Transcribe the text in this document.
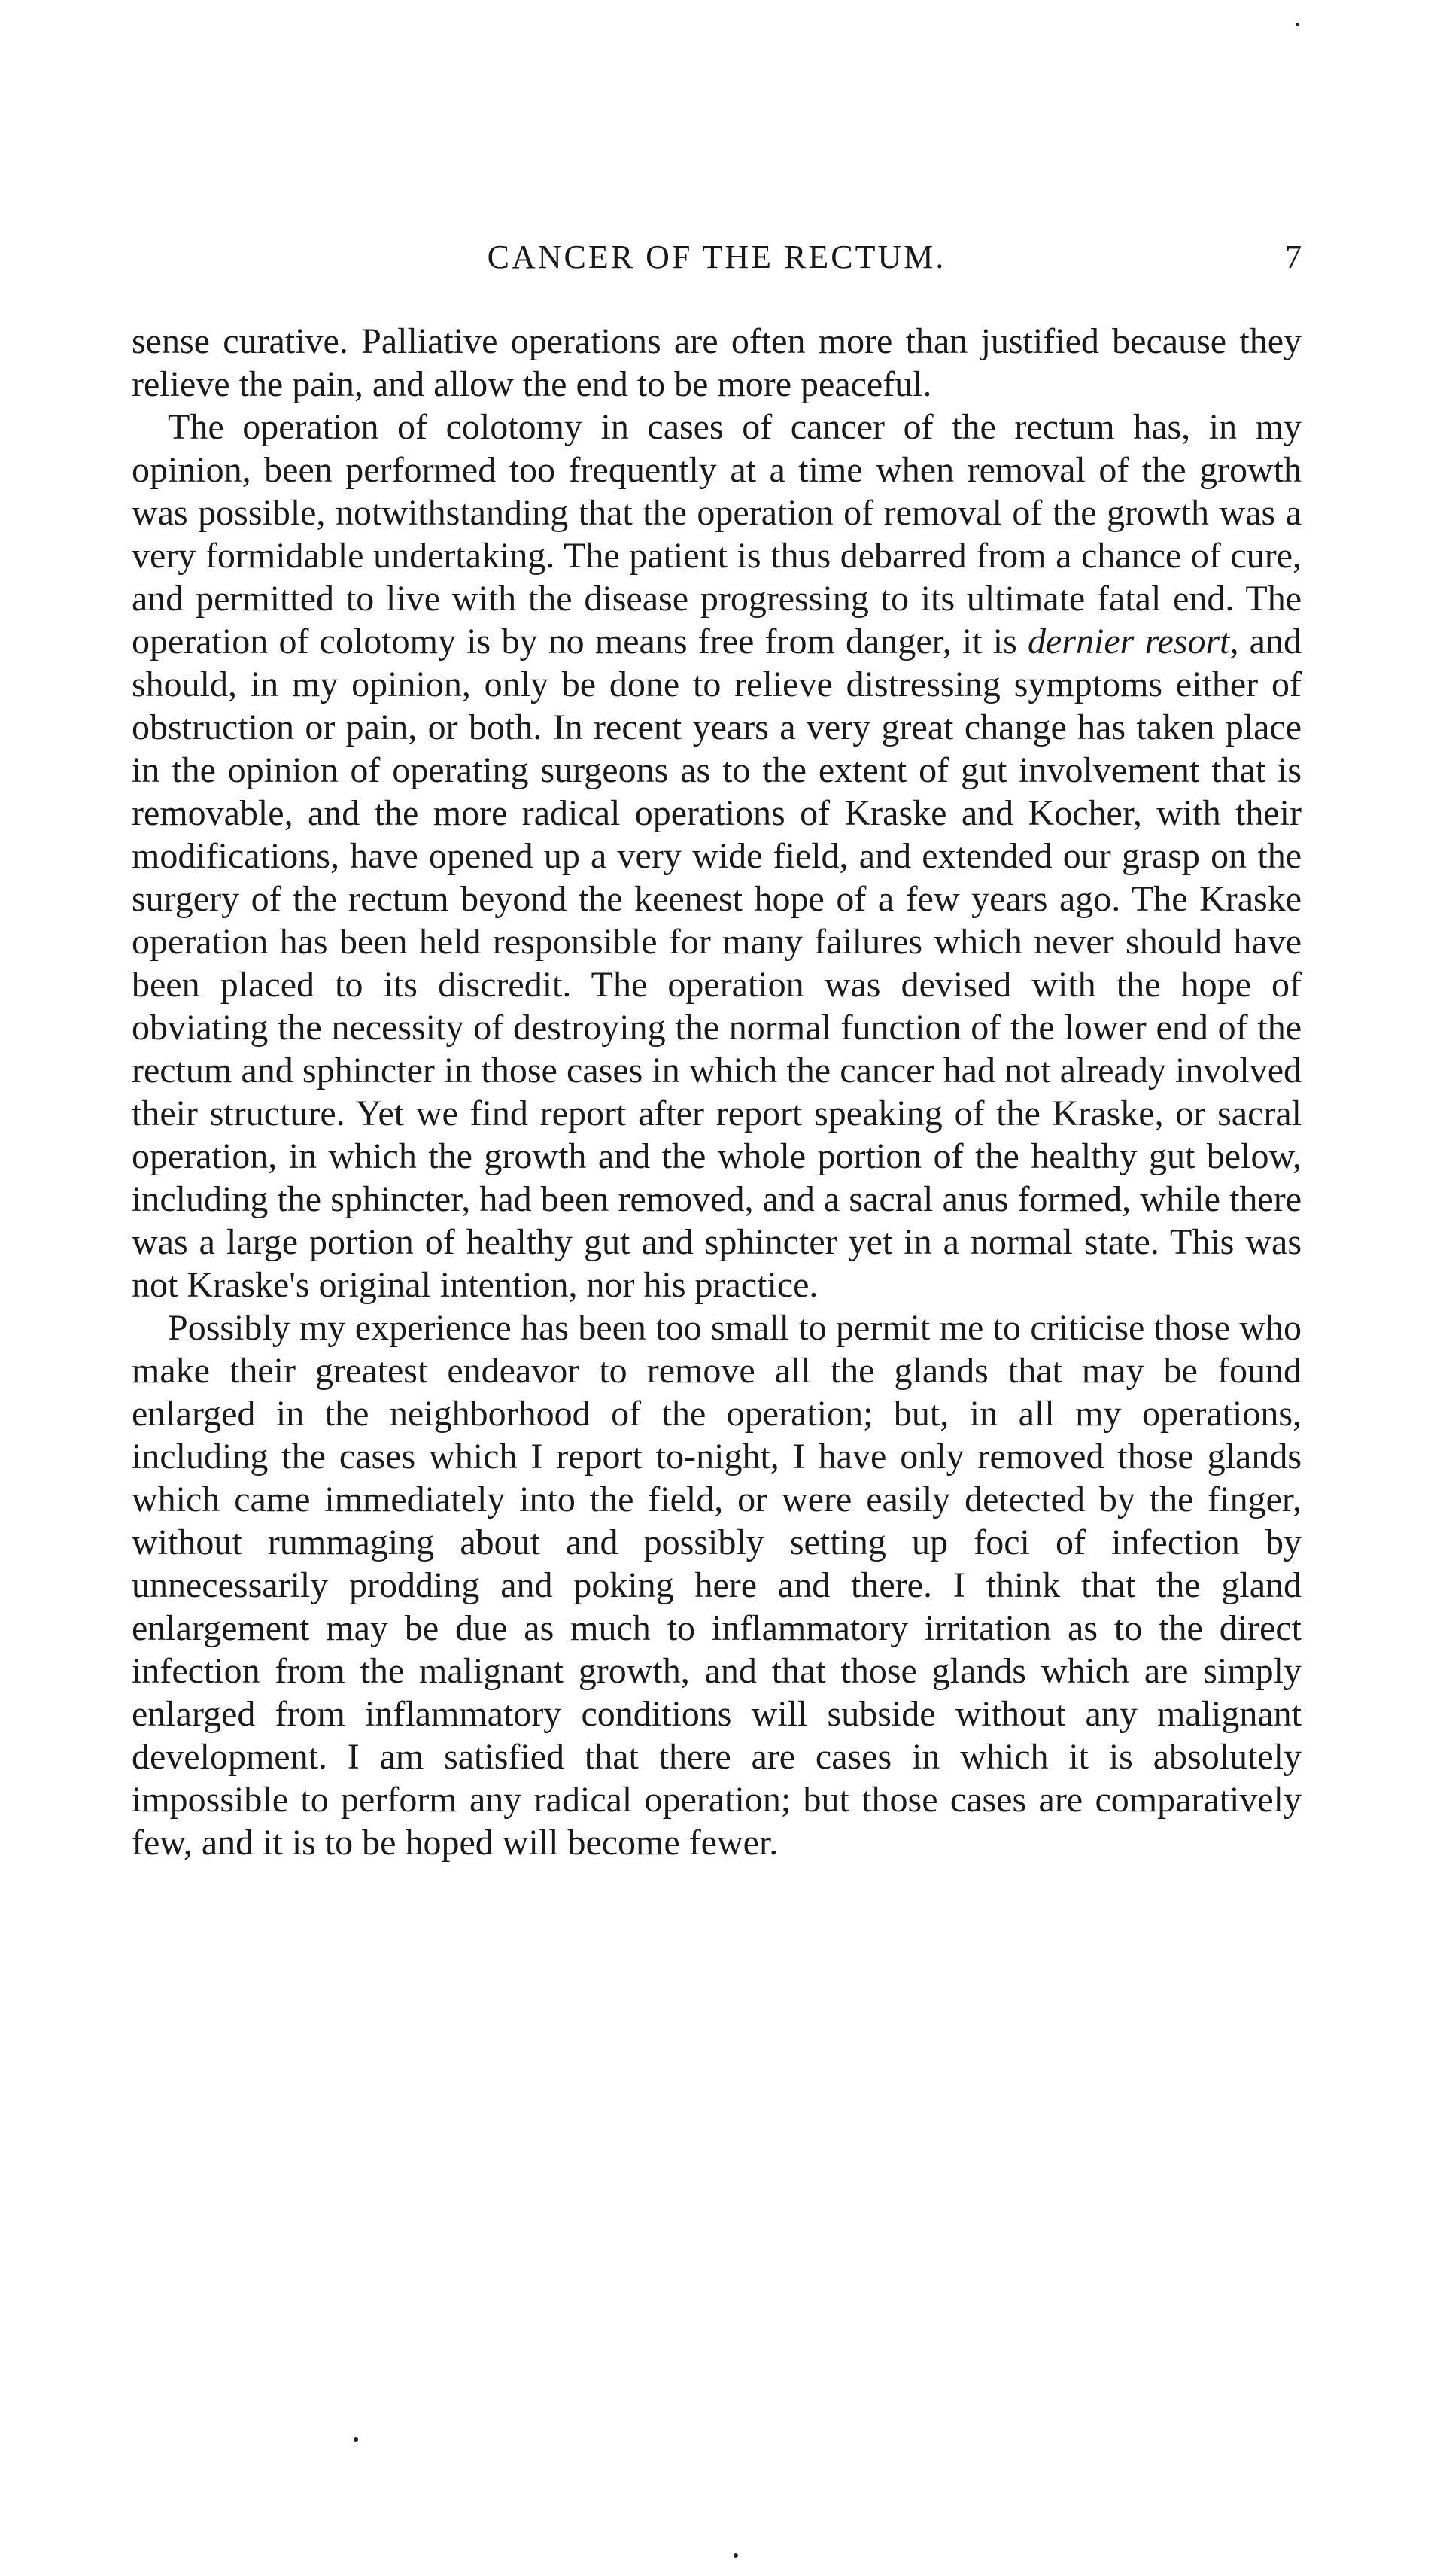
CANCER OF THE RECTUM.	7

sense curative. Palliative operations are often more than justified because they relieve the pain, and allow the end to be more peaceful.

The operation of colotomy in cases of cancer of the rectum has, in my opinion, been performed too frequently at a time when removal of the growth was possible, notwithstanding that the operation of removal of the growth was a very formidable undertaking. The patient is thus debarred from a chance of cure, and permitted to live with the disease progressing to its ultimate fatal end. The operation of colotomy is by no means free from danger, it is dernier resort, and should, in my opinion, only be done to relieve distressing symptoms either of obstruction or pain, or both. In recent years a very great change has taken place in the opinion of operating surgeons as to the extent of gut involvement that is removable, and the more radical operations of Kraske and Kocher, with their modifications, have opened up a very wide field, and extended our grasp on the surgery of the rectum beyond the keenest hope of a few years ago. The Kraske operation has been held responsible for many failures which never should have been placed to its discredit. The operation was devised with the hope of obviating the necessity of destroying the normal function of the lower end of the rectum and sphincter in those cases in which the cancer had not already involved their structure. Yet we find report after report speaking of the Kraske, or sacral operation, in which the growth and the whole portion of the healthy gut below, including the sphincter, had been removed, and a sacral anus formed, while there was a large portion of healthy gut and sphincter yet in a normal state. This was not Kraske's original intention, nor his practice.

Possibly my experience has been too small to permit me to criticise those who make their greatest endeavor to remove all the glands that may be found enlarged in the neighborhood of the operation; but, in all my operations, including the cases which I report to-night, I have only removed those glands which came immediately into the field, or were easily detected by the finger, without rummaging about and possibly setting up foci of infection by unnecessarily prodding and poking here and there. I think that the gland enlargement may be due as much to inflammatory irritation as to the direct infection from the malignant growth, and that those glands which are simply enlarged from inflammatory conditions will subside without any malignant development. I am satisfied that there are cases in which it is absolutely impossible to perform any radical operation; but those cases are comparatively few, and it is to be hoped will become fewer.
